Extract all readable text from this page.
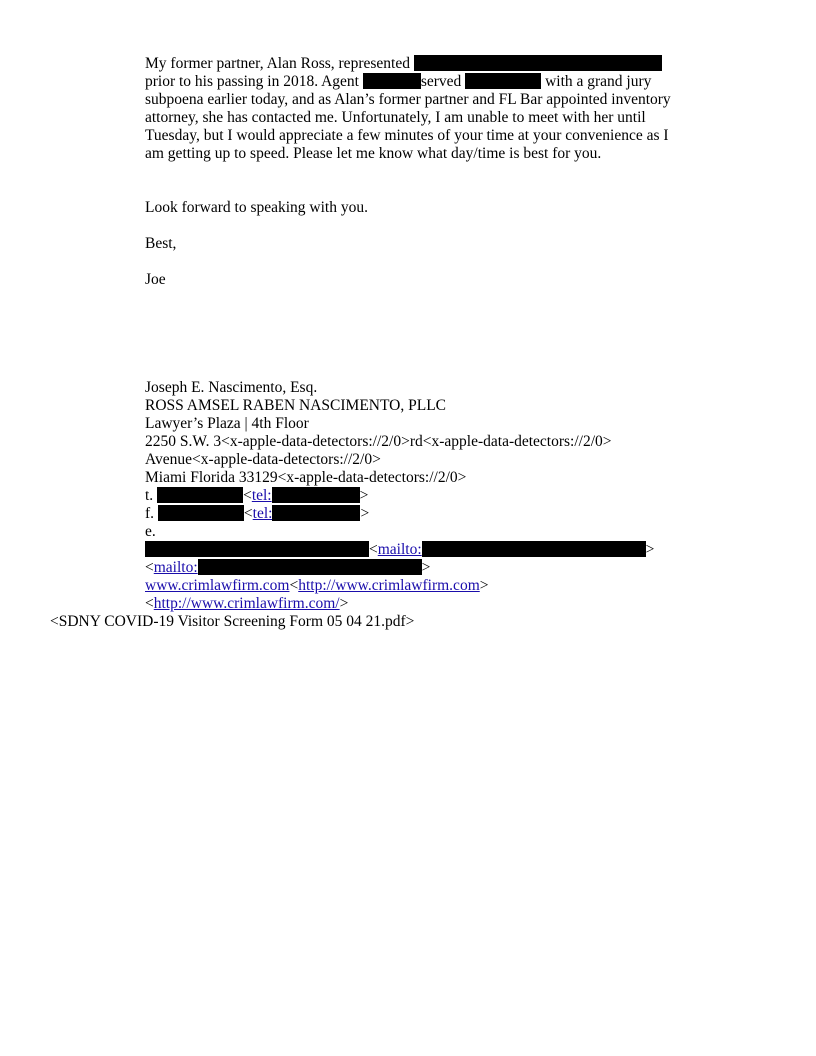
My former partner, Alan Ross, represented
prior to his passing in 2018. Agent	served	with a grand jury

subpoena earlier today, and as Alan’s former partner and FL Bar appointed inventory attorney, she has contacted me. Unfortunately, I am unable to meet with her until Tuesday, but I would appreciate a few minutes of your time at your convenience as I am getting up to speed. Please let me know what day/time is best for you.

Look forward to speaking with you.
Best,
Joe
Joseph E. Nascimento, Esq.
ROSS AMSEL RABEN NASCIMENTO, PLLC
Lawyer’s Plaza | 4th Floor
2250 S.W. 3<x-apple-data-detectors://2/0>rd<x-apple-data-detectors://2/0>
Avenue<x-apple-data-detectors://2/0>
Miami Florida 33129<x-apple-data-detectors://2/0>
t.	<tel:	>
f.	<tel:	>
e.
<mailto:	>
<mailto:	>
www.crimlawfirm.com<http://www.crimlawfirm.com>
<http://www.crimlawfirm.com/>
<SDNY COVID-19 Visitor Screening Form 05 04 21.pdf>
